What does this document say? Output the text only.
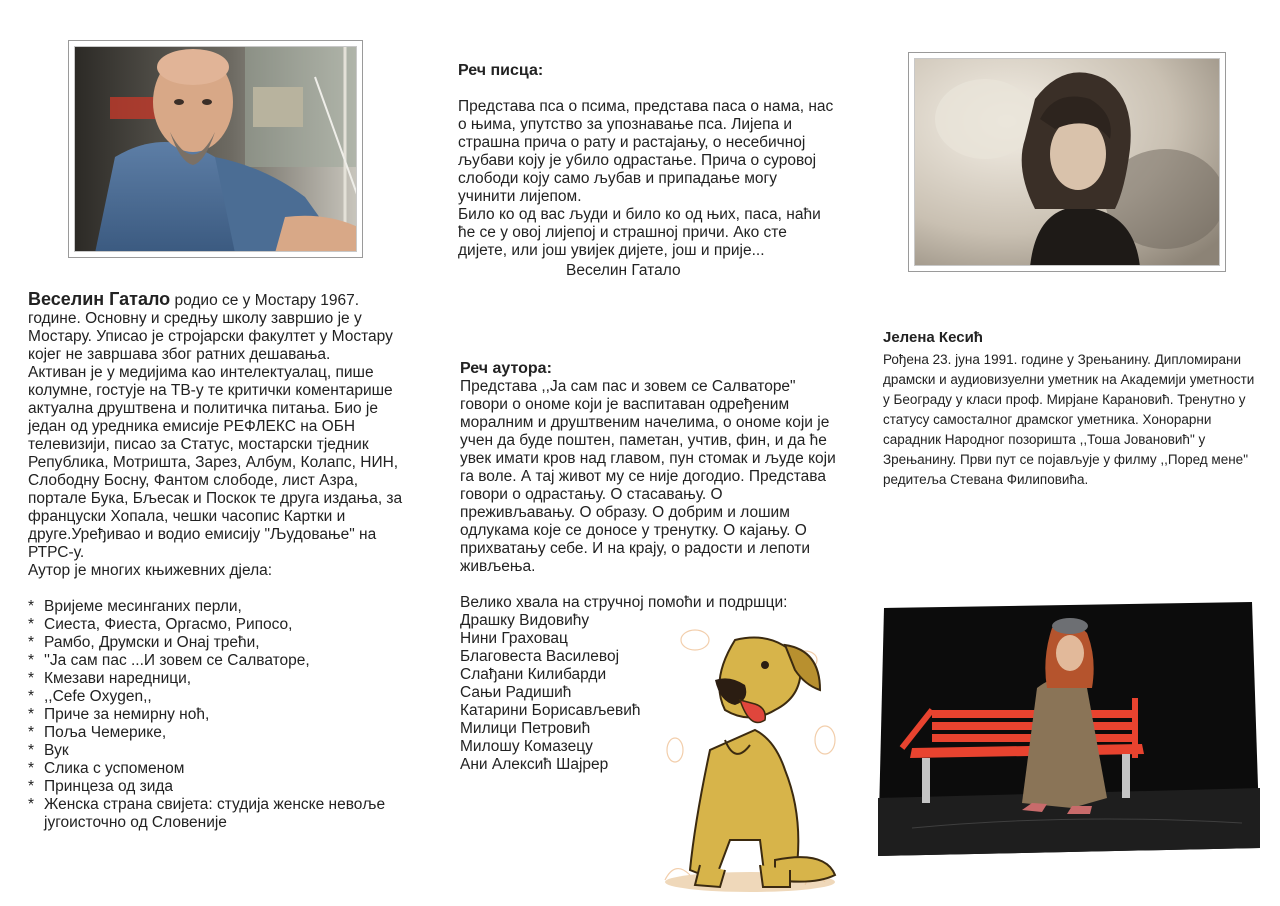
Веселин Гатало родио се у Мостару 1967. године. Основну и средњу школу завршио је у Мостару. Уписао је стројарски факултет у Мостару којег не завршава због ратних дешавања.

Активан је у медијима као интелектуалац, пише колумне, гостује на ТВ-у те критички коментарише актуална друштвена и политичка питања. Био је један од уредника емисије РЕФЛЕКС на ОБН телевизији, писао за Статус, мостарски тједник Република, Мотришта, Зарез, Албум, Колапс, НИН, Слободну Босну, Фантом слободе, лист Азра, портале Бука, Бљесак и Поскок те друга издања, за француски Хопала, чешки часопис Картки и друге.Уређивао и водио емисију "Људовање" на РТРС-у.

Аутор је многих књижевних дјела:

* Вријеме месинганих перли,
* Сиеста, Фиеста, Оргасмо, Рипосо,
* Рамбо, Друмски и Онај трећи,
* ''Ја сам пас ...И зовем се Салваторе,
* Кмезави наредници,
* ,,Cefe Oxygen,,
* Приче за немирну ноћ,
* Поља Чемерике,
* Вук
* Слика с успоменом
* Принцеза од зида
* Женска страна свијета: студија женске невоље југоисточно од Словеније
Реч писца:

Представа пса о псима, представа паса о нама, нас о њима, упутство за упознавање пса. Лијепа и страшна прича о рату и растајању, о несебичној љубави коју је убило одрастање. Прича о суровој слободи коју само љубав и припадање могу учинити лијепом.

Било ко од вас људи и било ко од њих, паса, наћи ће се у овој лијепој и страшној причи. Ако сте дијете, или још увијек дијете, још и прије...

Веселин Гатало

Реч аутора:

Представа ,,Ја сам пас и зовем се Салваторе" говори о ономе који је васпитаван одређеним моралним и друштвеним начелима, о ономе који је учен да буде поштен, паметан, учтив, фин, и да ће увек имати кров над главом, пун стомак и људе који га воле. А тај живот му се није догодио. Представа говори о одрастању. О стасавању. О преживљавању. О образу. О добрим и лошим одлукама које се доносе у тренутку. О кајању. О прихватању себе. И на крају, о радости и лепоти живљења.

Велико хвала на стручној помоћи и подршци:

Драшку Видовићу
Нини Граховац
Благовеста Василевој
Слађани Килибарди
Сањи Радишић
Катарини Борисављевић
Милици Петровић
Милошу Комазецу
Ани Алексић Шајрер

Јелена Кесић

Рођена 23. јуна 1991. године у Зрењанину. Дипломирани драмски и аудиовизуелни уметник на Академији уметности у Београду у класи проф. Мирјане Карановић. Тренутно у статусу самосталног драмског уметника. Хонорарни сарадник Народног позоришта ,,Тоша Јовановић" у Зрењанину. Први пут се појављује у филму ,,Поред мене" редитеља Стевана Филиповића.
